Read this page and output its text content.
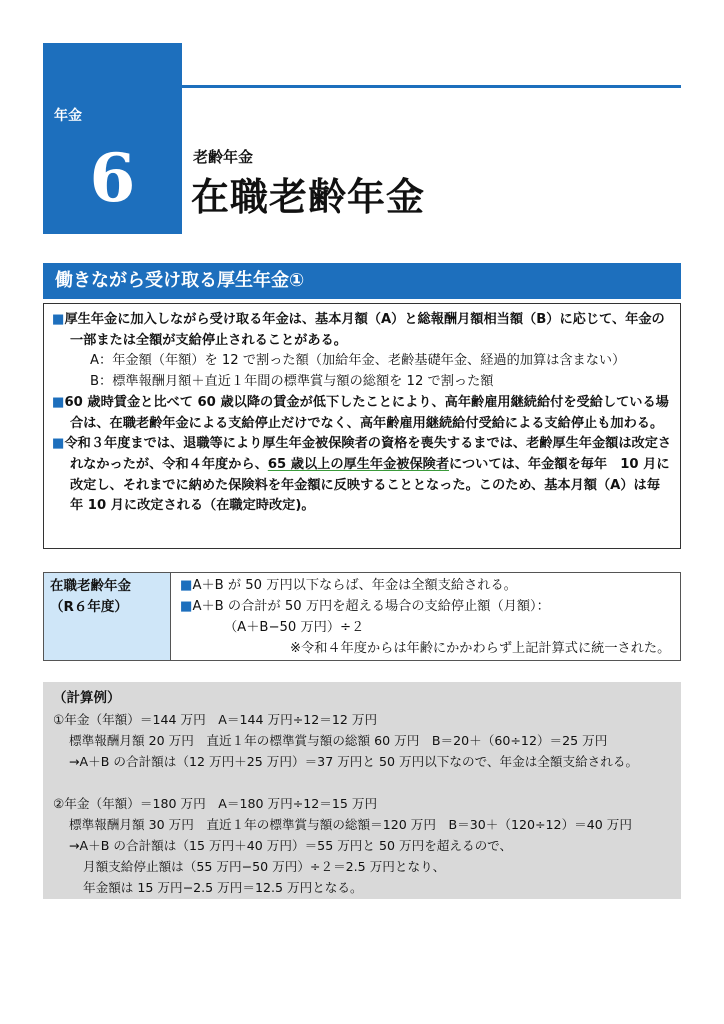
年金
6	老齢年金
在職老齢年金
働きながら受け取る厚生年金①

■厚生年金に加入しながら受け取る年金は、基本月額（A）と総報酬月額相当額（B）に応じて、年金の一部または全額が支給停止されることがある。

A：年金額（年額）を 12 で割った額（加給年金、老齢基礎年金、経過的加算は含まない）

B：標準報酬月額＋直近１年間の標準賞与額の総額を 12 で割った額

■60 歳時賃金と比べて 60 歳以降の賃金が低下したことにより、高年齢雇用継続給付を受給している場合は、在職老齢年金による支給停止だけでなく、高年齢雇用継続給付受給による支給停止も加わる。

■令和３年度までは、退職等により厚生年金被保険者の資格を喪失するまでは、老齢厚生年金額は改定されなかったが、令和４年度から、65 歳以上の厚生年金被保険者については、年金額を毎年　10 月に改定し、それまでに納めた保険料を年金額に反映することとなった。このため、基本月額（A）は毎年 10 月に改定される（在職定時改定)。

在職老齢年金
（R６年度）

■A＋B が 50 万円以下ならば、年金は全額支給される。

■A＋B の合計が 50 万円を超える場合の支給停止額（月額）：

（A＋B−50 万円）÷２

※令和４年度からは年齢にかかわらず上記計算式に統一された。

（計算例）

①年金（年額）＝144 万円　A＝144 万円÷12＝12 万円

標準報酬月額 20 万円　直近１年の標準賞与額の総額 60 万円　B＝20＋（60÷12）＝25 万円

→A＋B の合計額は（12 万円＋25 万円）＝37 万円と 50 万円以下なので、年金は全額支給される。

②年金（年額）＝180 万円　A＝180 万円÷12＝15 万円

標準報酬月額 30 万円　直近１年の標準賞与額の総額＝120 万円　B＝30＋（120÷12）＝40 万円

→A＋B の合計額は（15 万円＋40 万円）＝55 万円と 50 万円を超えるので、

月額支給停止額は（55 万円−50 万円）÷２＝2.5 万円となり、

年金額は 15 万円−2.5 万円＝12.5 万円となる。
